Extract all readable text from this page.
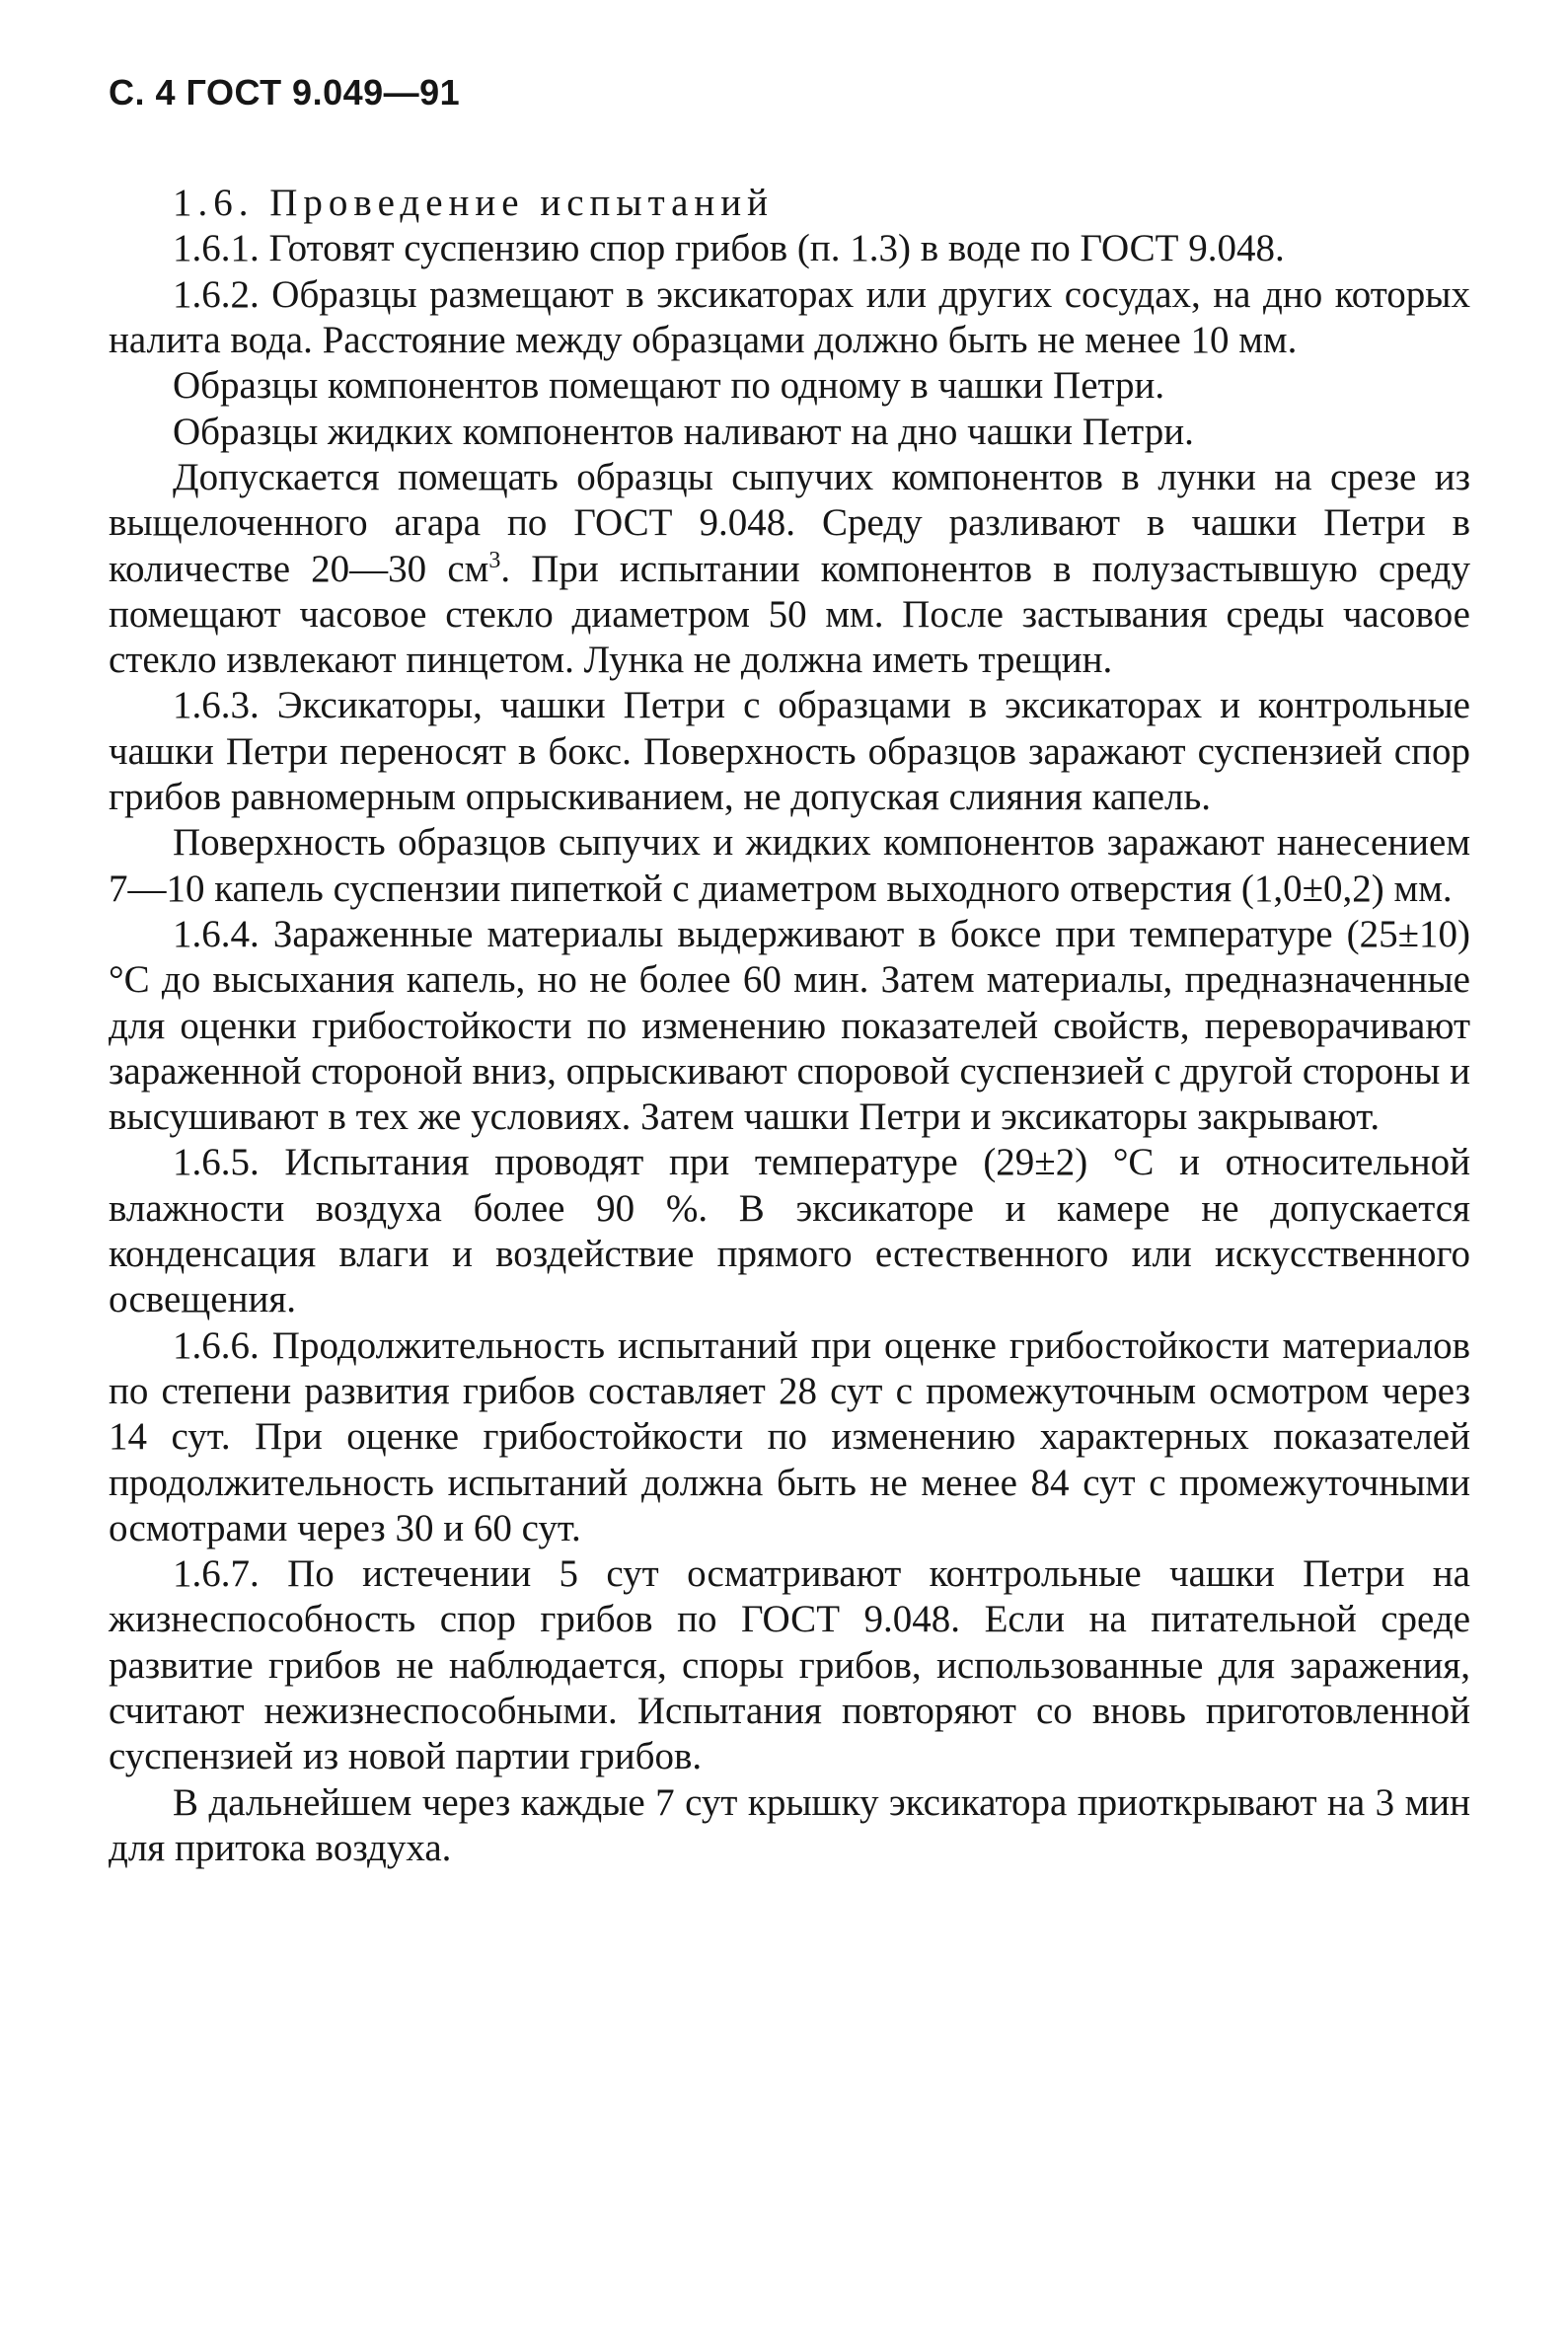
С. 4 ГОСТ 9.049—91

1.6. Проведение испытаний

1.6.1. Готовят суспензию спор грибов (п. 1.3) в воде по ГОСТ 9.048.

1.6.2. Образцы размещают в эксикаторах или других сосудах, на дно которых налита вода. Расстояние между образцами должно быть не менее 10 мм.

Образцы компонентов помещают по одному в чашки Петри.

Образцы жидких компонентов наливают на дно чашки Петри.

Допускается помещать образцы сыпучих компонентов в лунки на срезе из выщелоченного агара по ГОСТ 9.048. Среду разливают в чашки Петри в количестве 20—30 $см^3$. При испытании компонентов в полузастывшую среду помещают часовое стекло диаметром 50 мм. После застывания среды часовое стекло извлекают пинцетом. Лунка не должна иметь трещин.

1.6.3. Эксикаторы, чашки Петри с образцами в эксикаторах и контрольные чашки Петри переносят в бокс. Поверхность образцов заражают суспензией спор грибов равномерным опрыскиванием, не допуская слияния капель.

Поверхность образцов сыпучих и жидких компонентов заражают нанесением 7—10 капель суспензии пипеткой с диаметром выходного отверстия (1,0±0,2) мм.

1.6.4. Зараженные материалы выдерживают в боксе при температуре (25±10) °С до высыхания капель, но не более 60 мин. Затем материалы, предназначенные для оценки грибостойкости по изменению показателей свойств, переворачивают зараженной стороной вниз, опрыскивают споровой суспензией с другой стороны и высушивают в тех же условиях. Затем чашки Петри и эксикаторы закрывают.

1.6.5. Испытания проводят при температуре (29±2) °С и относительной влажности воздуха более 90 %. В эксикаторе и камере не допускается конденсация влаги и воздействие прямого естественного или искусственного освещения.

1.6.6. Продолжительность испытаний при оценке грибостойкости материалов по степени развития грибов составляет 28 сут с промежуточным осмотром через 14 сут. При оценке грибостойкости по изменению характерных показателей продолжительность испытаний должна быть не менее 84 сут с промежуточными осмотрами через 30 и 60 сут.

1.6.7. По истечении 5 сут осматривают контрольные чашки Петри на жизнеспособность спор грибов по ГОСТ 9.048. Если на питательной среде развитие грибов не наблюдается, споры грибов, использованные для заражения, считают нежизнеспособными. Испытания повторяют со вновь приготовленной суспензией из новой партии грибов.

В дальнейшем через каждые 7 сут крышку эксикатора приоткрывают на 3 мин для притока воздуха.
